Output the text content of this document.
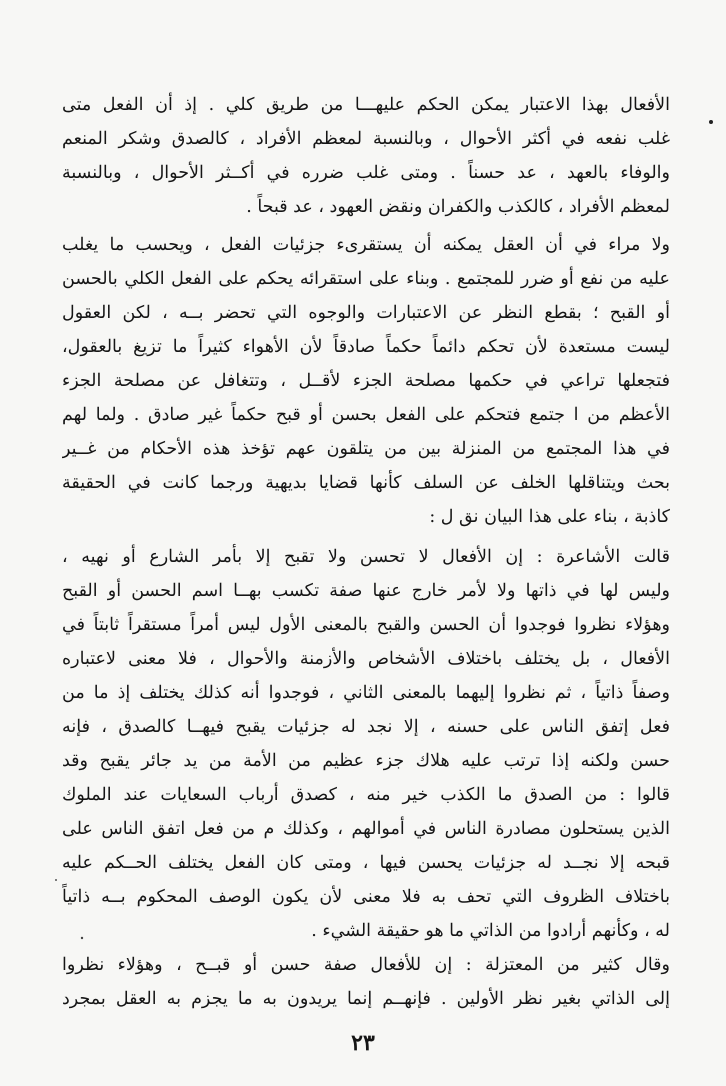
الأفعال بهذا الاعتبار يمكن الحكم عليهـــا من طريق كلي . إذ أن الفعل متى
غلب نفعه في أكثر الأحوال ، وبالنسبة لمعظم الأفراد ، كالصدق وشكر المنعم
والوفاء بالعهد ، عد حسناً . ومتى غلب ضرره في أكــثر الأحوال ، وبالنسبة
لمعظم الأفراد ، كالكذب والكفران ونقض العهود ، عد قبحاً .
ولا مراء في أن العقل يمكنه أن يستقرىء جزئيات الفعل ، ويحسب ما يغلب
عليه من نفع أو ضرر للمجتمع . وبناء على استقرائه يحكم على الفعل الكلي بالحسن
أو القبح ؛ بقطع النظر عن الاعتبارات والوجوه التي تحضر بــه ، لكن العقول
ليست مستعدة لأن تحكم دائماً حكماً صادقاً لأن الأهواء كثيراً ما تزيغ بالعقول،
فتجعلها تراعي في حكمها مصلحة الجزء لأقــل ، وتتغافل عن مصلحة الجزء
الأعظم من ا جتمع فتحكم على الفعل بحسن أو قبح حكماً غير صادق . ولما لهم
في هذا المجتمع من المنزلة بين من يتلقون عهم تؤخذ هذه الأحكام من غــير
بحث ويتناقلها الخلف عن السلف كأنها قضايا بديهية ورجما كانت في الحقيقة
كاذبة ، بناء على هذا البيان نق ل :
قالت الأشاعرة : إن الأفعال لا تحسن ولا تقبح إلا بأمر الشارع أو نهيه ،
وليس لها في ذاتها ولا لأمر خارج عنها صفة تكسب بهــا اسم الحسن أو القبح
وهؤلاء نظروا فوجدوا أن الحسن والقبح بالمعنى الأول ليس أمراً مستقراً ثابتاً في
الأفعال ، بل يختلف باختلاف الأشخاص والأزمنة والأحوال ، فلا معنى لاعتباره
وصفاً ذاتياً ، ثم نظروا إليهما بالمعنى الثاني ، فوجدوا أنه كذلك يختلف إذ ما من
فعل إتفق الناس على حسنه ، إلا نجد له جزئيات يقبح فيهــا كالصدق ، فإنه
حسن ولكنه إذا ترتب عليه هلاك جزء عظيم من الأمة من يد جائر يقبح وقد
قالوا : من الصدق ما الكذب خير منه ، كصدق أرباب السعايات عند الملوك
الذين يستحلون مصادرة الناس في أموالهم ، وكذلك م من فعل اتفق الناس على
قبحه إلا نجــد له جزئيات يحسن فيها ، ومتى كان الفعل يختلف الحــكم عليه
باختلاف الظروف التي تحف به فلا معنى لأن يكون الوصف المحكوم بــه ذاتياً
له ، وكأنهم أرادوا من الذاتي ما هو حقيقة الشيء .
وقال كثير من المعتزلة : إن للأفعال صفة حسن أو قبــح ، وهؤلاء نظروا
إلى الذاتي بغير نظر الأولين . فإنهــم إنما يريدون به ما يجزم به العقل بمجرد
٢٣
